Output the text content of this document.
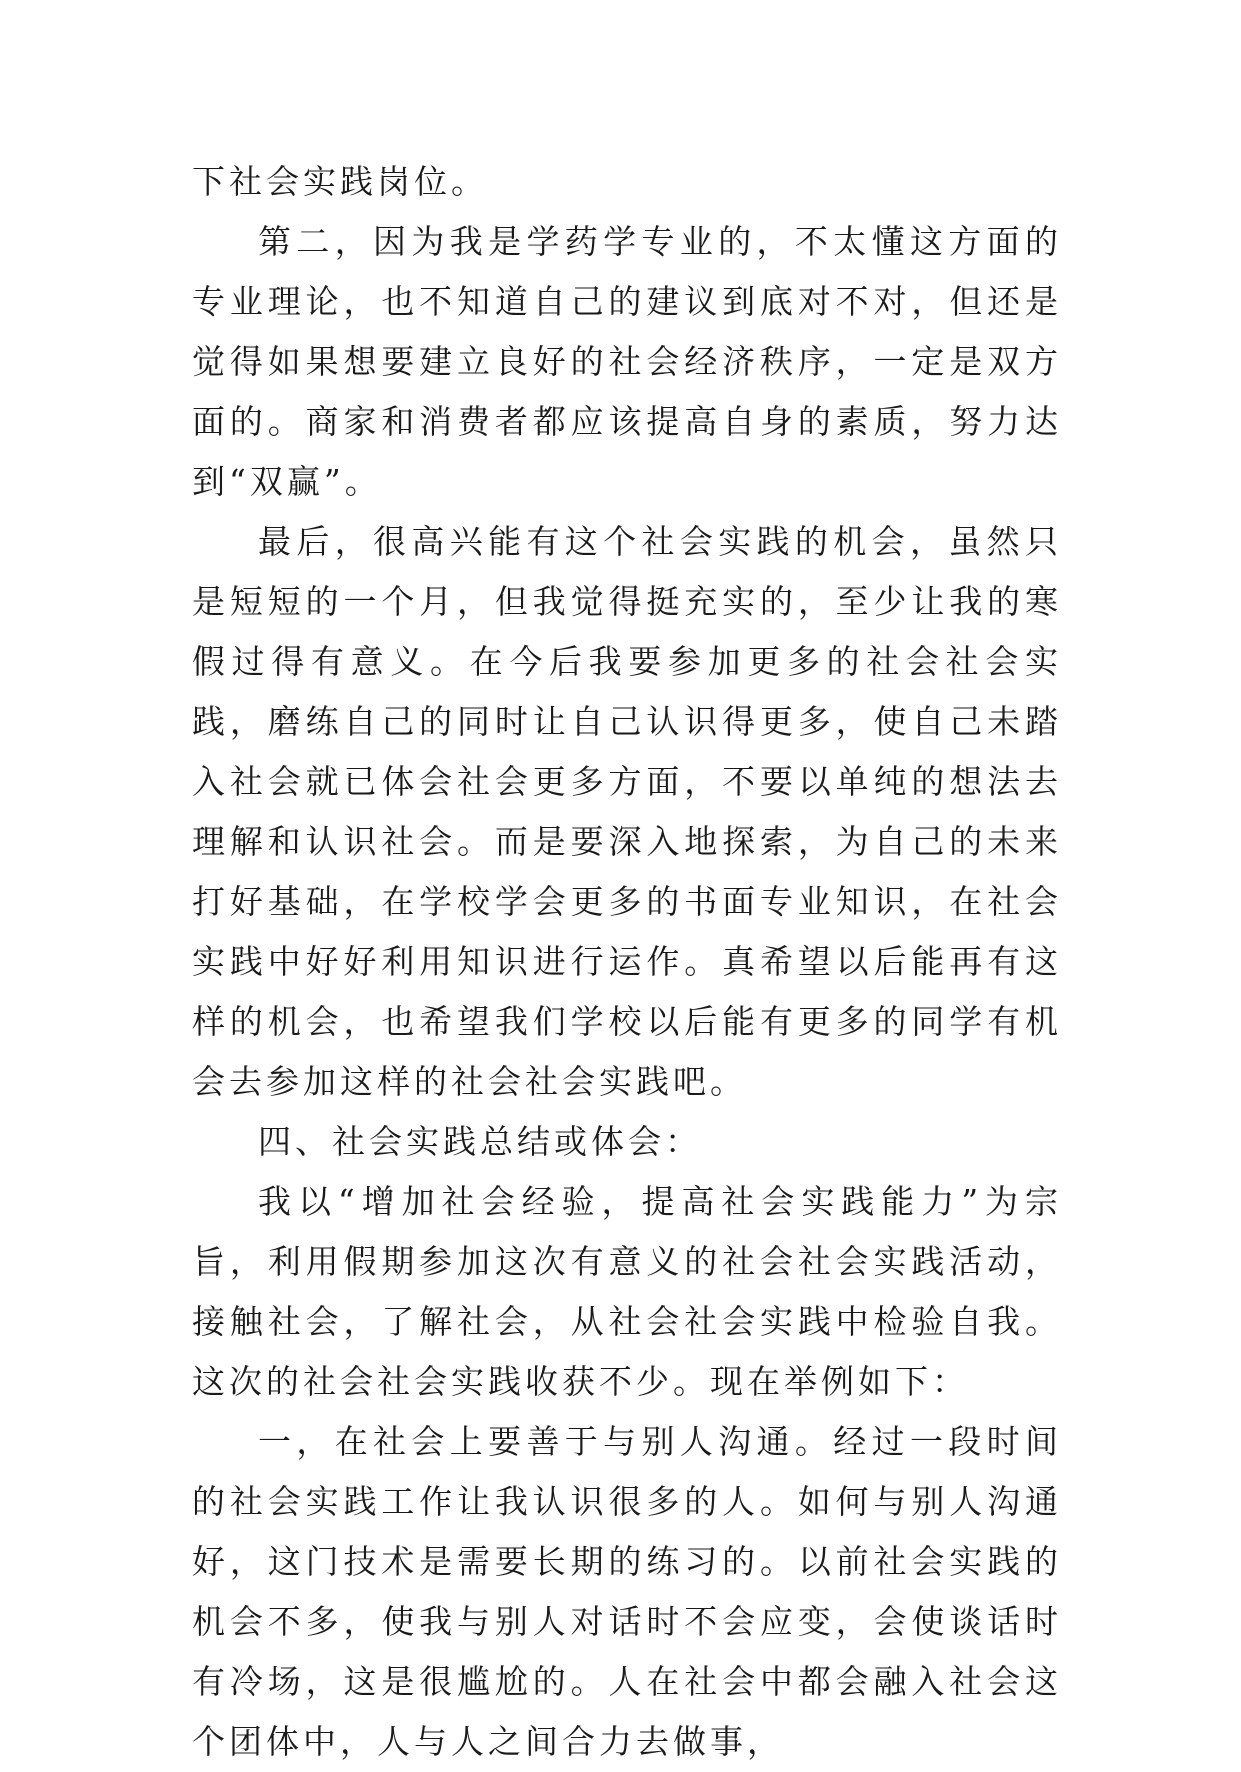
下社会实践岗位。

第二，因为我是学药学专业的，不太懂这方面的专业理论，也不知道自己的建议到底对不对，但还是觉得如果想要建立良好的社会经济秩序，一定是双方面的。商家和消费者都应该提高自身的素质，努力达到“双赢”。

最后，很高兴能有这个社会实践的机会，虽然只是短短的一个月，但我觉得挺充实的，至少让我的寒假过得有意义。在今后我要参加更多的社会社会实践，磨练自己的同时让自己认识得更多，使自己未踏入社会就已体会社会更多方面，不要以单纯的想法去理解和认识社会。而是要深入地探索，为自己的未来打好基础，在学校学会更多的书面专业知识，在社会实践中好好利用知识进行运作。真希望以后能再有这样的机会，也希望我们学校以后能有更多的同学有机会去参加这样的社会社会实践吧。

四、社会实践总结或体会：

我以“增加社会经验，提高社会实践能力”为宗旨，利用假期参加这次有意义的社会社会实践活动，接触社会，了解社会，从社会社会实践中检验自我。这次的社会社会实践收获不少。现在举例如下：

一，在社会上要善于与别人沟通。经过一段时间的社会实践工作让我认识很多的人。如何与别人沟通好，这门技术是需要长期的练习的。以前社会实践的机会不多，使我与别人对话时不会应变，会使谈话时有冷场，这是很尴尬的。人在社会中都会融入社会这个团体中，人与人之间合力去做事，
